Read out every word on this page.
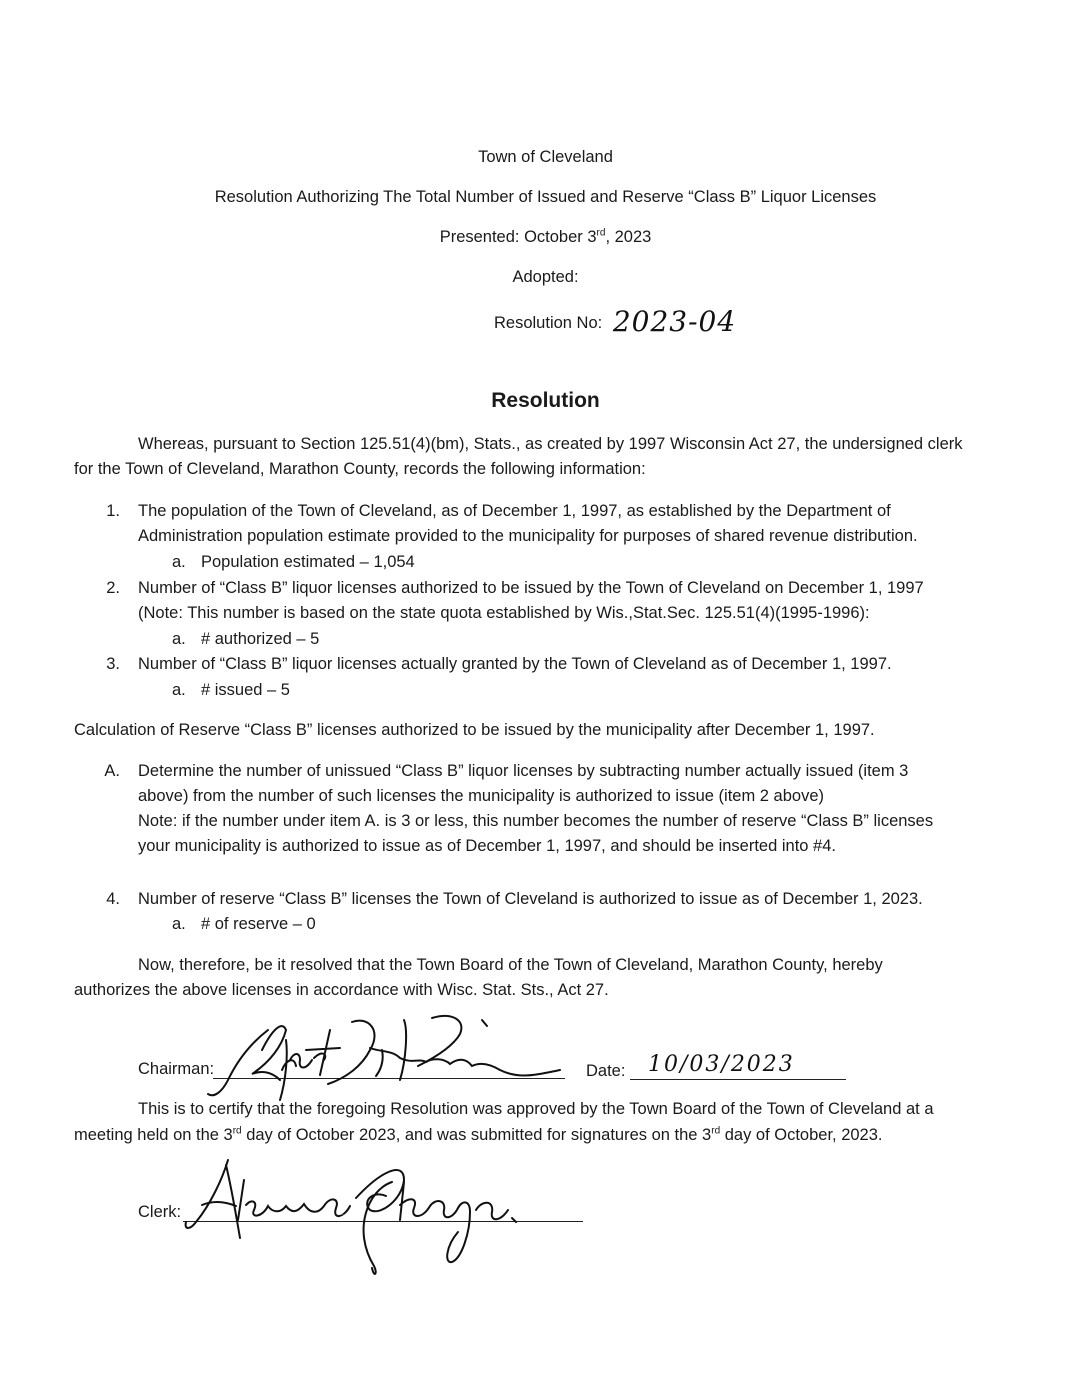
Town of Cleveland
Resolution Authorizing The Total Number of Issued and Reserve “Class B” Liquor Licenses
Presented: October 3rd, 2023
Adopted:
Resolution No: 2023-04
Resolution
Whereas, pursuant to Section 125.51(4)(bm), Stats., as created by 1997 Wisconsin Act 27, the undersigned clerk
for the Town of Cleveland, Marathon County, records the following information:
1. The population of the Town of Cleveland, as of December 1, 1997, as established by the Department of
Administration population estimate provided to the municipality for purposes of shared revenue distribution.
a. Population estimated – 1,054
2. Number of “Class B” liquor licenses authorized to be issued by the Town of Cleveland on December 1, 1997
(Note: This number is based on the state quota established by Wis.,Stat.Sec. 125.51(4)(1995-1996):
a. # authorized – 5
3. Number of “Class B” liquor licenses actually granted by the Town of Cleveland as of December 1, 1997.
a. # issued – 5
Calculation of Reserve “Class B” licenses authorized to be issued by the municipality after December 1, 1997.
A. Determine the number of unissued “Class B” liquor licenses by subtracting number actually issued (item 3
above) from the number of such licenses the municipality is authorized to issue (item 2 above)
Note: if the number under item A. is 3 or less, this number becomes the number of reserve “Class B” licenses
your municipality is authorized to issue as of December 1, 1997, and should be inserted into #4.
4. Number of reserve “Class B” licenses the Town of Cleveland is authorized to issue as of December 1, 2023.
a. # of reserve – 0
Now, therefore, be it resolved that the Town Board of the Town of Cleveland, Marathon County, hereby
authorizes the above licenses in accordance with Wisc. Stat. Sts., Act 27.
Chairman:	Kurt Jochimsen	Date: 10/03/2023
This is to certify that the foregoing Resolution was approved by the Town Board of the Town of Cleveland at a
meeting held on the 3rd day of October 2023, and was submitted for signatures on the 3rd day of October, 2023.
Clerk:	Alexandra Skaya
